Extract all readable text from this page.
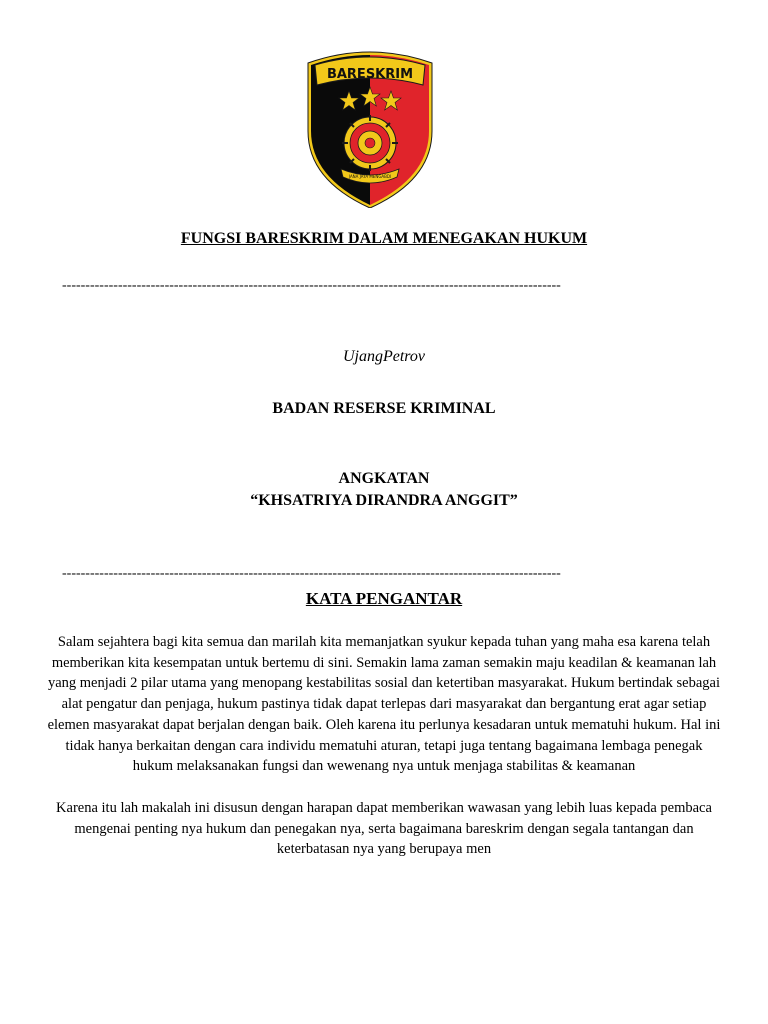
BARESKRIM
JANA JAYA MENGABDI
FUNGSI BARESKRIM DALAM MENEGAKAN HUKUM
-----------------------------------------------------------------------------------------------------------
UjangPetrov
BADAN RESERSE KRIMINAL
ANGKATAN
“KHSATRIYA DIRANDRA ANGGIT”
-----------------------------------------------------------------------------------------------------------
KATA PENGANTAR
Salam sejahtera bagi kita semua dan marilah kita memanjatkan syukur kepada tuhan yang maha esa karena telah
memberikan kita kesempatan untuk bertemu di sini. Semakin lama zaman semakin maju keadilan & keamanan lah
yang menjadi 2 pilar utama yang menopang kestabilitas sosial dan ketertiban masyarakat. Hukum bertindak sebagai
alat pengatur dan penjaga, hukum pastinya tidak dapat terlepas dari masyarakat dan bergantung erat agar setiap
elemen masyarakat dapat berjalan dengan baik. Oleh karena itu perlunya kesadaran untuk mematuhi hukum. Hal ini
tidak hanya berkaitan dengan cara individu mematuhi aturan, tetapi juga tentang bagaimana lembaga penegak
hukum melaksanakan fungsi dan wewenang nya untuk menjaga stabilitas & keamanan
Karena itu lah makalah ini disusun dengan harapan dapat memberikan wawasan yang lebih luas kepada pembaca
mengenai penting nya hukum dan penegakan nya, serta bagaimana bareskrim dengan segala tantangan dan
keterbatasan nya yang berupaya men
